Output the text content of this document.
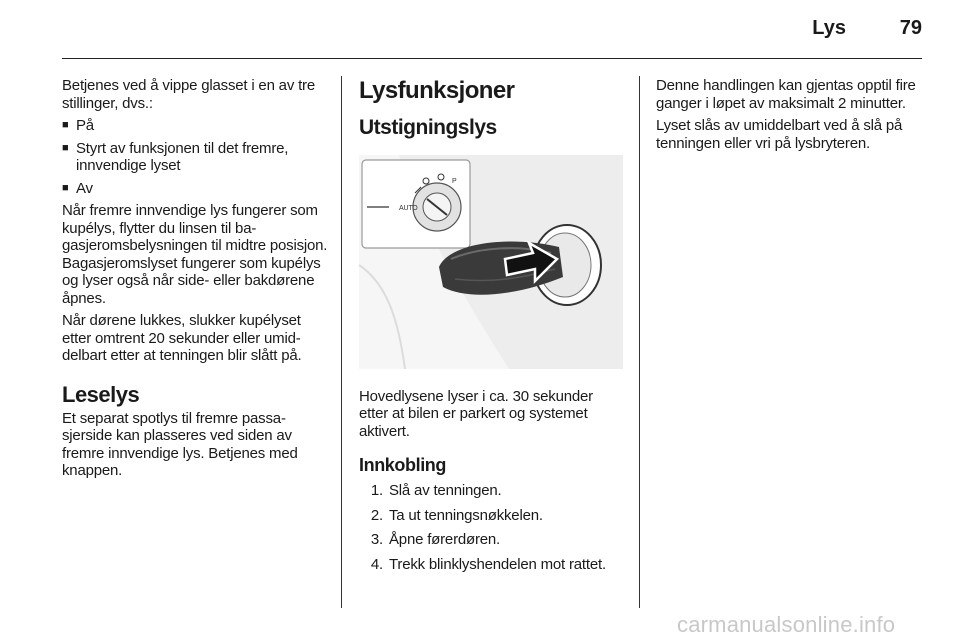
Lys	79

Betjenes ved å vippe glasset i en av tre stillinger, dvs.:

■ På
■ Styrt av funksjonen til det fremre, innvendige lyset
■ Av

Når fremre innvendige lys fungerer som kupélys, flytter du linsen til bagasjeromsbelysningen til midtre posisjon. Bagasjeromslyset fungerer som kupélys og lyser også når side- eller bakdørene åpnes.

Når dørene lukkes, slukker kupélyset etter omtrent 20 sekunder eller umiddelbart etter at tenningen blir slått på.

Leselys

Et separat spotlys til fremre passasjerside kan plasseres ved siden av fremre innvendige lys. Betjenes med knappen.

Lysfunksjoner
Utstigningslys
AUTO
P

Hovedlysene lyser i ca. 30 sekunder etter at bilen er parkert og systemet aktivert.

Innkobling
1. Slå av tenningen.
2. Ta ut tenningsnøkkelen.
3. Åpne førerdøren.
4. Trekk blinklyshendelen mot rattet.

Denne handlingen kan gjentas opptil fire ganger i løpet av maksimalt 2 minutter.

Lyset slås av umiddelbart ved å slå på tenningen eller vri på lysbryteren.

carmanualsonline.info
